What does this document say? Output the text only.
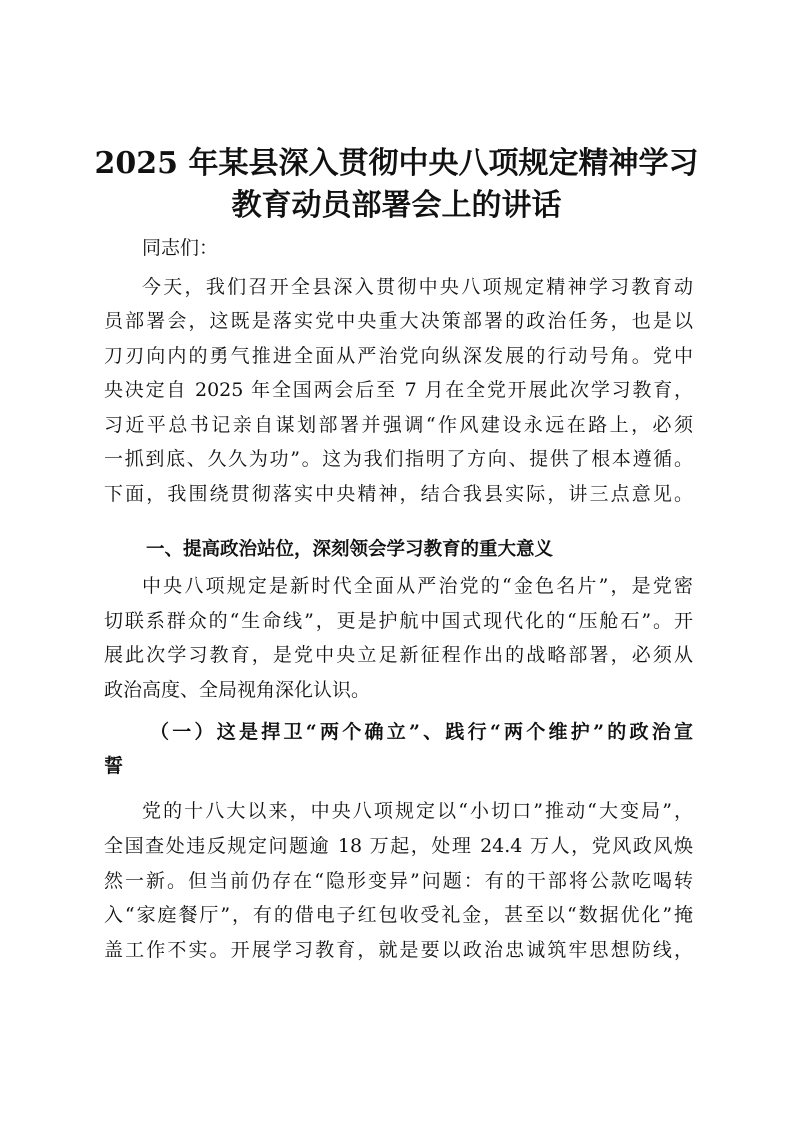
2025 年某县深入贯彻中央八项规定精神学习
教育动员部署会上的讲话

同志们：

今天，我们召开全县深入贯彻中央八项规定精神学习教育动

员部署会，这既是落实党中央重大决策部署的政治任务，也是以

刀刃向内的勇气推进全面从严治党向纵深发展的行动号角。党中

央决定自 2025 年全国两会后至 7 月在全党开展此次学习教育，

习近平总书记亲自谋划部署并强调“作风建设永远在路上，必须

一抓到底、久久为功”。这为我们指明了方向、提供了根本遵循。

下面，我围绕贯彻落实中央精神，结合我县实际，讲三点意见。

一、提高政治站位，深刻领会学习教育的重大意义

中央八项规定是新时代全面从严治党的“金色名片”，是党密

切联系群众的“生命线”，更是护航中国式现代化的“压舱石”。开

展此次学习教育，是党中央立足新征程作出的战略部署，必须从

政治高度、全局视角深化认识。

（一）这是捍卫“两个确立”、践行“两个维护”的政治宣

誓

党的十八大以来，中央八项规定以“小切口”推动“大变局”，

全国查处违反规定问题逾 18 万起，处理 24.4 万人，党风政风焕

然一新。但当前仍存在“隐形变异”问题：有的干部将公款吃喝转

入“家庭餐厅”，有的借电子红包收受礼金，甚至以“数据优化”掩

盖工作不实。开展学习教育，就是要以政治忠诚筑牢思想防线，
